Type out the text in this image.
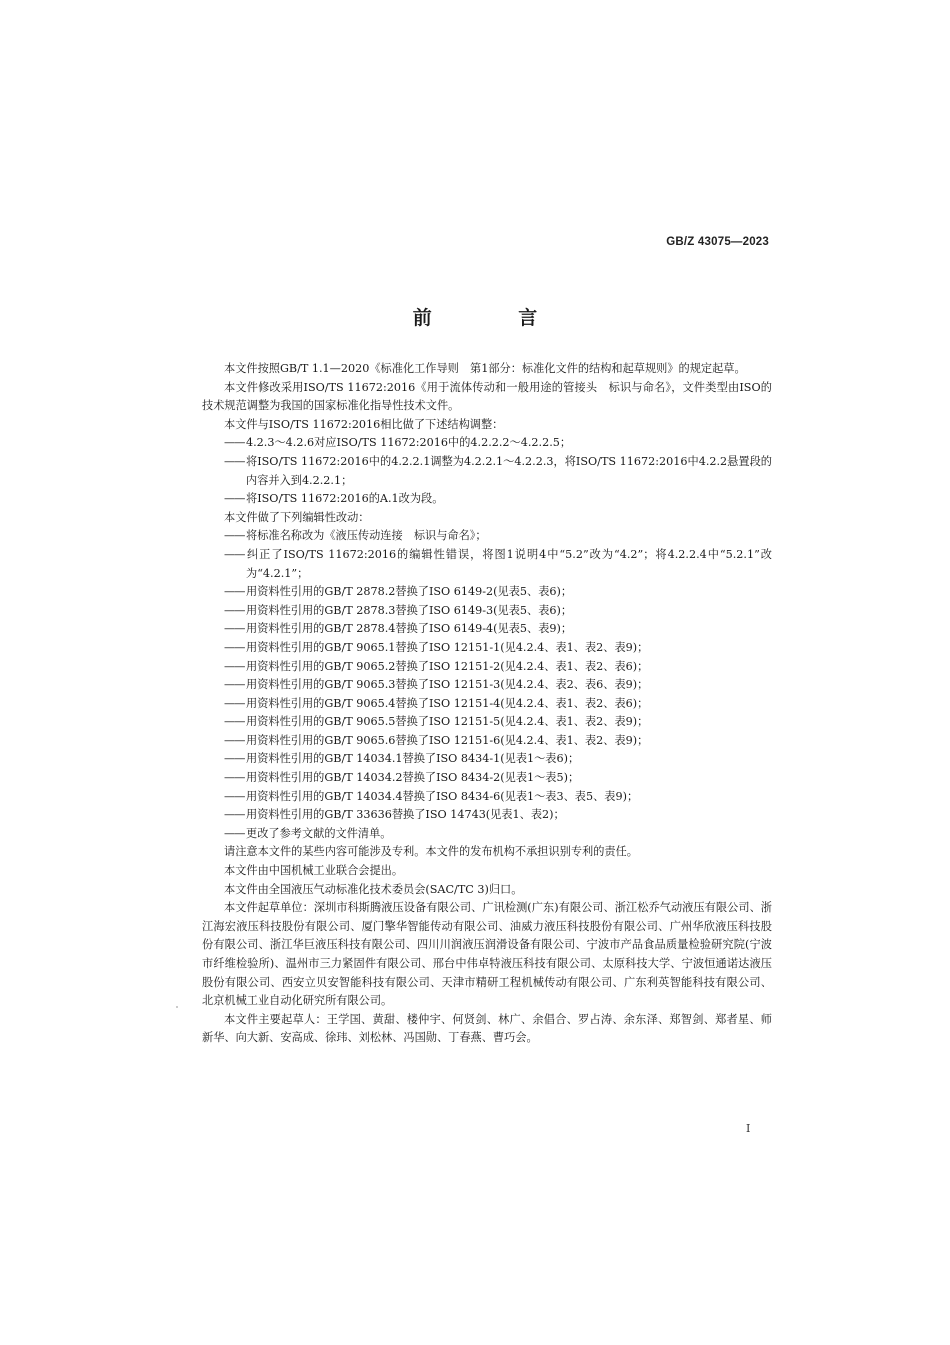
GB/Z 43075—2023
前 言

本文件按照GB/T 1.1—2020《标准化工作导则　第1部分：标准化文件的结构和起草规则》的规定起草。

本文件修改采用ISO/TS 11672:2016《用于流体传动和一般用途的管接头　标识与命名》，文件类型由ISO的技术规范调整为我国的国家标准化指导性技术文件。

本文件与ISO/TS 11672:2016相比做了下述结构调整：

—— 4.2.3～4.2.6对应ISO/TS 11672:2016中的4.2.2.2～4.2.2.5；

—— 将ISO/TS 11672:2016中的4.2.2.1调整为4.2.2.1～4.2.2.3，将ISO/TS 11672:2016中4.2.2悬置段的内容并入到4.2.2.1；

—— 将ISO/TS 11672:2016的A.1改为段。

本文件做了下列编辑性改动：

—— 将标准名称改为《液压传动连接　标识与命名》；

—— 纠正了ISO/TS 11672:2016的编辑性错误，将图1说明4中“5.2”改为“4.2”；将4.2.2.4中“5.2.1”改为“4.2.1”；

—— 用资料性引用的GB/T 2878.2替换了ISO 6149-2(见表5、表6)；

—— 用资料性引用的GB/T 2878.3替换了ISO 6149-3(见表5、表6)；

—— 用资料性引用的GB/T 2878.4替换了ISO 6149-4(见表5、表9)；

—— 用资料性引用的GB/T 9065.1替换了ISO 12151-1(见4.2.4、表1、表2、表9)；

—— 用资料性引用的GB/T 9065.2替换了ISO 12151-2(见4.2.4、表1、表2、表6)；

—— 用资料性引用的GB/T 9065.3替换了ISO 12151-3(见4.2.4、表2、表6、表9)；

—— 用资料性引用的GB/T 9065.4替换了ISO 12151-4(见4.2.4、表1、表2、表6)；

—— 用资料性引用的GB/T 9065.5替换了ISO 12151-5(见4.2.4、表1、表2、表9)；

—— 用资料性引用的GB/T 9065.6替换了ISO 12151-6(见4.2.4、表1、表2、表9)；

—— 用资料性引用的GB/T 14034.1替换了ISO 8434-1(见表1～表6)；

—— 用资料性引用的GB/T 14034.2替换了ISO 8434-2(见表1～表5)；

—— 用资料性引用的GB/T 14034.4替换了ISO 8434-6(见表1～表3、表5、表9)；

—— 用资料性引用的GB/T 33636替换了ISO 14743(见表1、表2)；

—— 更改了参考文献的文件清单。

请注意本文件的某些内容可能涉及专利。本文件的发布机构不承担识别专利的责任。

本文件由中国机械工业联合会提出。

本文件由全国液压气动标准化技术委员会(SAC/TC 3)归口。

本文件起草单位：深圳市科斯腾液压设备有限公司、广讯检测(广东)有限公司、浙江松乔气动液压有限公司、浙江海宏液压科技股份有限公司、厦门擎华智能传动有限公司、油威力液压科技股份有限公司、广州华欣液压科技股份有限公司、浙江华巨液压科技有限公司、四川川润液压润滑设备有限公司、宁波市产品食品质量检验研究院(宁波市纤维检验所)、温州市三力紧固件有限公司、邢台中伟卓特液压科技有限公司、太原科技大学、宁波恒通诺达液压股份有限公司、西安立贝安智能科技有限公司、天津市精研工程机械传动有限公司、广东利英智能科技有限公司、北京机械工业自动化研究所有限公司。

本文件主要起草人：王学国、黄甜、楼仲宇、何贤剑、林广、余倡合、罗占涛、余东泽、郑智剑、郑者星、师新华、向大新、安高成、徐玮、刘松林、冯国勋、丁春燕、曹巧会。

I
